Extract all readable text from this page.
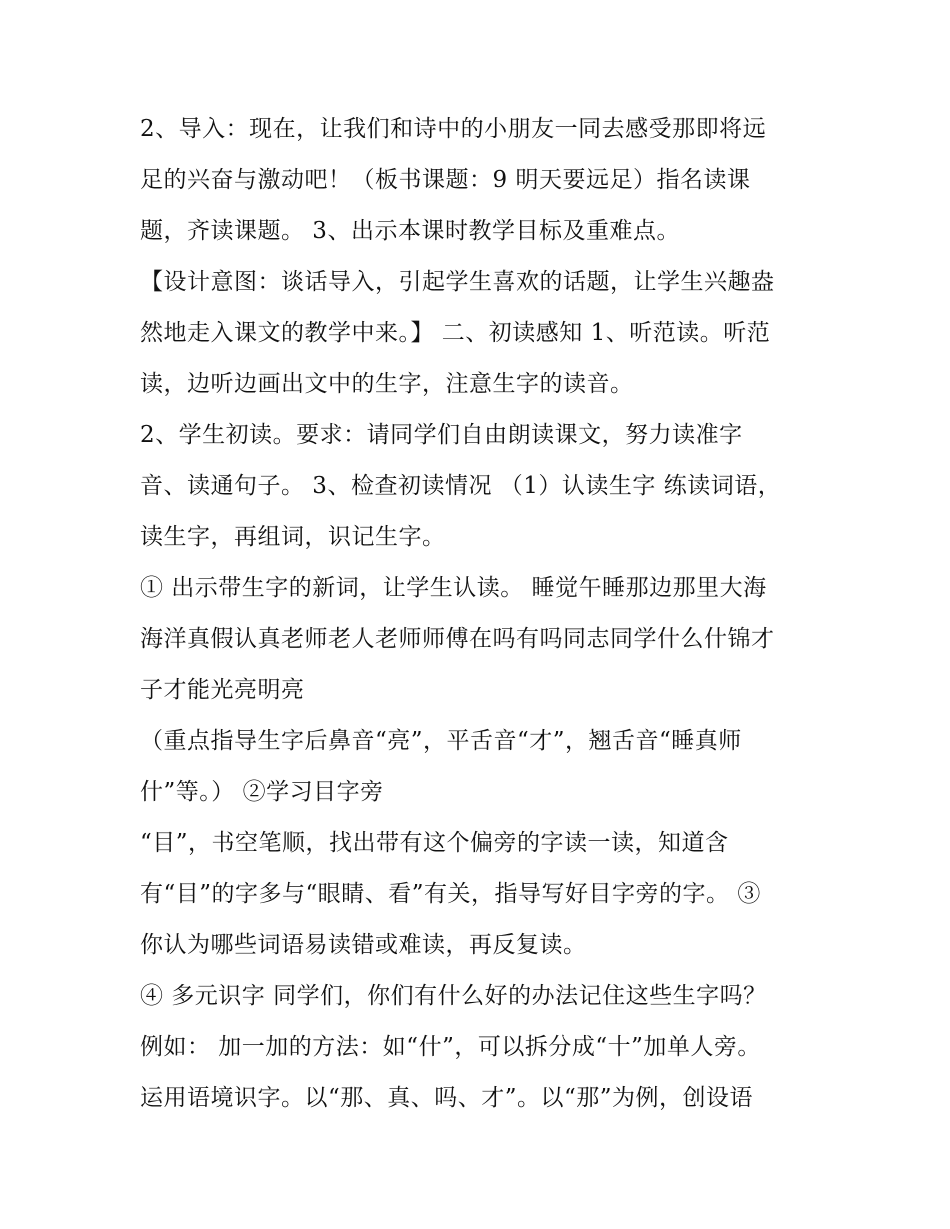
2、导入：现在，让我们和诗中的小朋友一同去感受那即将远
足的兴奋与激动吧！（板书课题：9 明天要远足）指名读课
题，齐读课题。 3、出示本课时教学目标及重难点。
【设计意图：谈话导入，引起学生喜欢的话题，让学生兴趣盎
然地走入课文的教学中来。】 二、初读感知 1、听范读。听范
读，边听边画出文中的生字，注意生字的读音。
2、学生初读。要求：请同学们自由朗读课文，努力读准字
音、读通句子。 3、检查初读情况 （1）认读生字 练读词语，
读生字，再组词，识记生字。
① 出示带生字的新词，让学生认读。 睡觉午睡那边那里大海
海洋真假认真老师老人老师师傅在吗有吗同志同学什么什锦才
子才能光亮明亮
（重点指导生字后鼻音“亮”，平舌音“才”，翘舌音“睡真师
什”等。） ②学习目字旁
“目”，书空笔顺，找出带有这个偏旁的字读一读，知道含
有“目”的字多与“眼睛、看”有关，指导写好目字旁的字。 ③
你认为哪些词语易读错或难读，再反复读。
④ 多元识字 同学们，你们有什么好的办法记住这些生字吗？
例如： 加一加的方法：如“什”，可以拆分成“十”加单人旁。
运用语境识字。以“那、真、吗、才”。以“那”为例，创设语
